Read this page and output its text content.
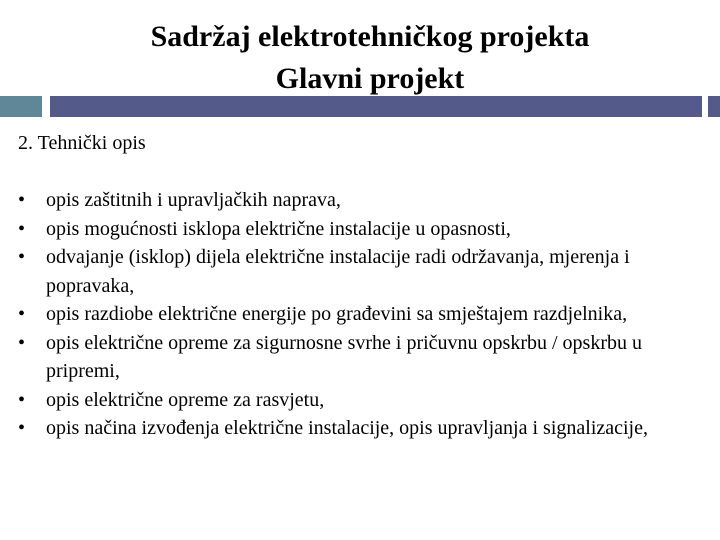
Sadržaj elektrotehničkog projekta
Glavni projekt
2. Tehnički opis
•	opis zaštitnih i upravljačkih naprava,
•	opis mogućnosti isklopa električne instalacije u opasnosti,
•	odvajanje (isklop) dijela električne instalacije radi održavanja, mjerenja i popravaka,
•	opis razdiobe električne energije po građevini sa smještajem razdjelnika,
•	opis električne opreme za sigurnosne svrhe i pričuvnu opskrbu / opskrbu u pripremi,
•	opis električne opreme za rasvjetu,
•	opis načina izvođenja električne instalacije, opis upravljanja i signalizacije,
